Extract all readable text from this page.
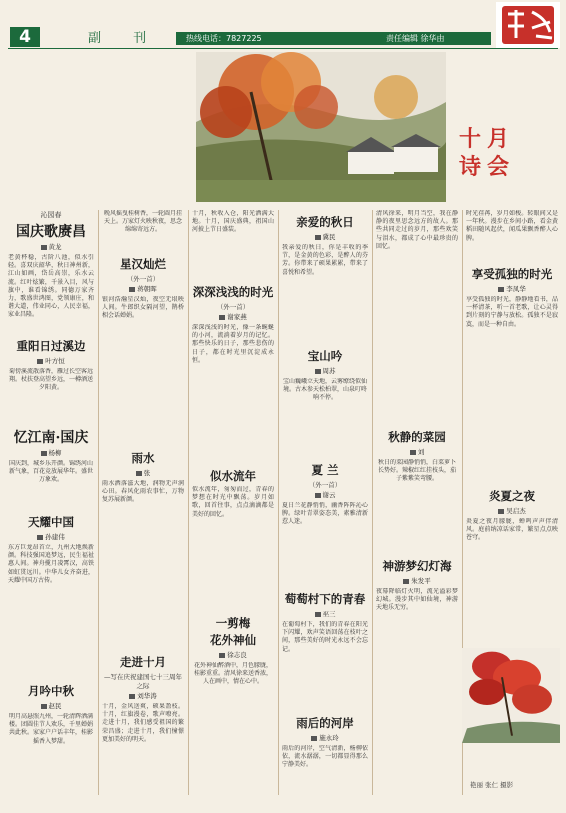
4	副 刊	热线电话：7827225	责任编辑 徐华由
十月
诗会
沁园春
国庆歌赓昌
黄龙
老黄杯稳，古阶八池，似水引轻。喜双庆韶华，秋日神州新，江山如画，岱岳高崇，乐水云流。红叶炫繁，千景入目，风与旗中，谁看锦绣。同德万家齐力，歌盛世鸿图，党领康庄，和谐大道，伟业同心，人民幸福，家业昌隆。
重阳日过溪边
叶方恒
菊傍溪流散落香，雁过长空客远翔。杖扶登高望乡远，一樽酒送夕阳黄。
忆江南·国庆
杨柳
国庆到，城乡乐开颜。锦绣河山新气象，百花竞放展华年。盛世万象欢。
天耀中国
孙建伟
东方巨龙昂首立，九州大地焕新颜。科技强国追梦远，民生福祉惠人间。神舟揽月凌霄汉，高铁如虹贯远川。中华儿女齐奋进，天耀中国万古传。
月吟中秋
赵民
明月高悬照九州，一轮清辉洒满楼。团圆佳节人欢乐，千里婵娟共此秋。家家户户话丰年，桂影摇香入梦甜。
晚风摇曳桂树香，一轮圆月挂天上。万家灯火映秋夜，思念绵绵寄远方。
星汉灿烂
（外一首）
蒋朝晖
银河浩瀚星汉灿，夜空无垠映人间。牛郎织女隔河望，鹊桥相会话婵娟。
雨水
张
雨水洒落滋大地，润物无声润心田。春风化雨农事忙，万物复苏展新颜。
走进十月
—写在庆祝建国七十三周年之际
刘华涛
十月，金风送爽，硕果盈枝。十月，红旗漫卷，歌声嘹亮。走进十月，我们感受祖国的繁荣昌盛；走进十月，我们憧憬更加美好的明天。
十月，秋收入仓，阳光洒满大地。十月，国庆盛典，祖国山河披上节日盛装。
深深浅浅的时光
（外一首）
谢家燕
深深浅浅的时光，像一条蜿蜒的小河，流淌着岁月的记忆。那些快乐的日子，那些悲伤的日子，都在时光里沉淀成永恒。
似水流年
似水流年，匆匆而过，青春的梦想在时光中飘荡。岁月如歌，回首往事，点点滴滴都是美好的回忆。
一剪梅
花外神仙
徐志良
花外神仙醉酒中，月色朦胧，桂影重重。清风徐来送香浓，人在画中，情在心中。
亲爱的秋日
冀民
我亲爱的秋日，你是丰收的季节，是金黄的色彩，是醉人的芬芳。你带来了硕果累累，带来了喜悦和希望。
宝山吟
周苏
宝山巍峨立天地，云雾缭绕似仙境。古木参天松柏翠，山泉叮咚响不停。
夏 兰
（外一首）
谢云
夏日兰花静悄悄，幽香阵阵沁心脾。绿叶青翠姿态美，素雅清新惹人迷。
萄萄村下的青春
巫三
在葡萄村下，我们的青春在阳光下闪耀，欢声笑语回荡在枝叶之间，那些美好的时光永远不会忘记。
雨后的河岸
施永玲
雨后的河岸，空气清新，杨柳依依，流水潺潺，一切都显得那么宁静美好。
清风徐来，明月当空，我在静静的夜里思念远方的故人。那些共同走过的岁月，那些欢笑与泪水，都成了心中最珍贵的回忆。
秋静的菜园
刘
秋日的菜园静悄悄，白菜萝卜长势好。辣椒红红挂枝头，茄子紫紫笑弯腰。
神游梦幻灯海
朱发平
夜幕降临灯火明，流光溢彩梦幻城。漫步其中如仙境，神游天地乐无穷。
时光荏苒，岁月如梭。转眼间又是一年秋。漫步在乡间小路，看金黄稻田随风起伏，闻瓜果飘香醉人心脾。
享受孤独的时光
李凤华
享受孤独的时光，静静地看书，品一杯清茶，听一首老歌，让心灵得到片刻的宁静与放松。孤独不是寂寞，而是一种自由。
炎夏之夜
吴启杰
炎夏之夜月朦胧，蝉鸣声声伴清风。庭前纳凉话家常，繁星点点映苍穹。
艳丽 张仁 摄影
